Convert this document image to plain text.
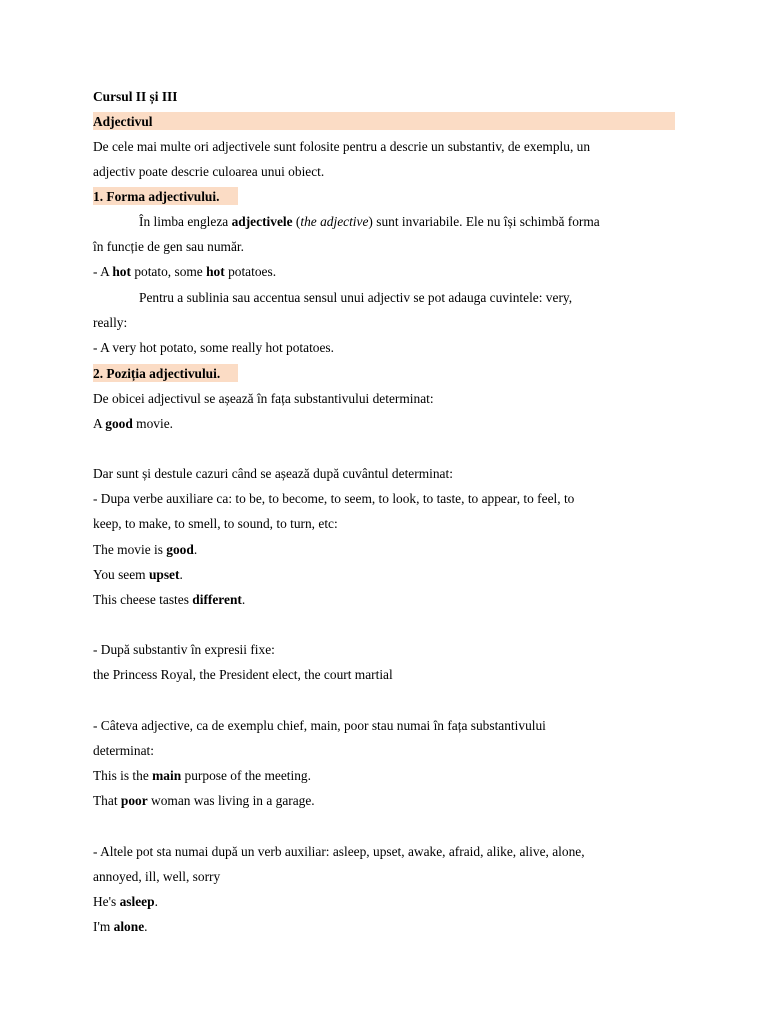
Cursul II și III
Adjectivul
De cele mai multe ori adjectivele sunt folosite pentru a descrie un substantiv, de exemplu, un
adjectiv poate descrie culoarea unui obiect.
1. Forma adjectivului.
În limba engleza adjectivele (the adjective) sunt invariabile. Ele nu își schimbă forma
în funcție de gen sau număr.
- A hot potato, some hot potatoes.
Pentru a sublinia sau accentua sensul unui adjectiv se pot adauga cuvintele: very,
really:
- A very hot potato, some really hot potatoes.
2. Poziția adjectivului.
De obicei adjectivul se așează în fața substantivului determinat:
A good movie.
Dar sunt și destule cazuri când se așează după cuvântul determinat:
- Dupa verbe auxiliare ca: to be, to become, to seem, to look, to taste, to appear, to feel, to
keep, to make, to smell, to sound, to turn, etc:
The movie is good.
You seem upset.
This cheese tastes different.
- După substantiv în expresii fixe:
the Princess Royal, the President elect, the court martial
- Câteva adjective, ca de exemplu chief, main, poor stau numai în fața substantivului
determinat:
This is the main purpose of the meeting.
That poor woman was living in a garage.
- Altele pot sta numai după un verb auxiliar: asleep, upset, awake, afraid, alike, alive, alone,
annoyed, ill, well, sorry
He's asleep.
I'm alone.
